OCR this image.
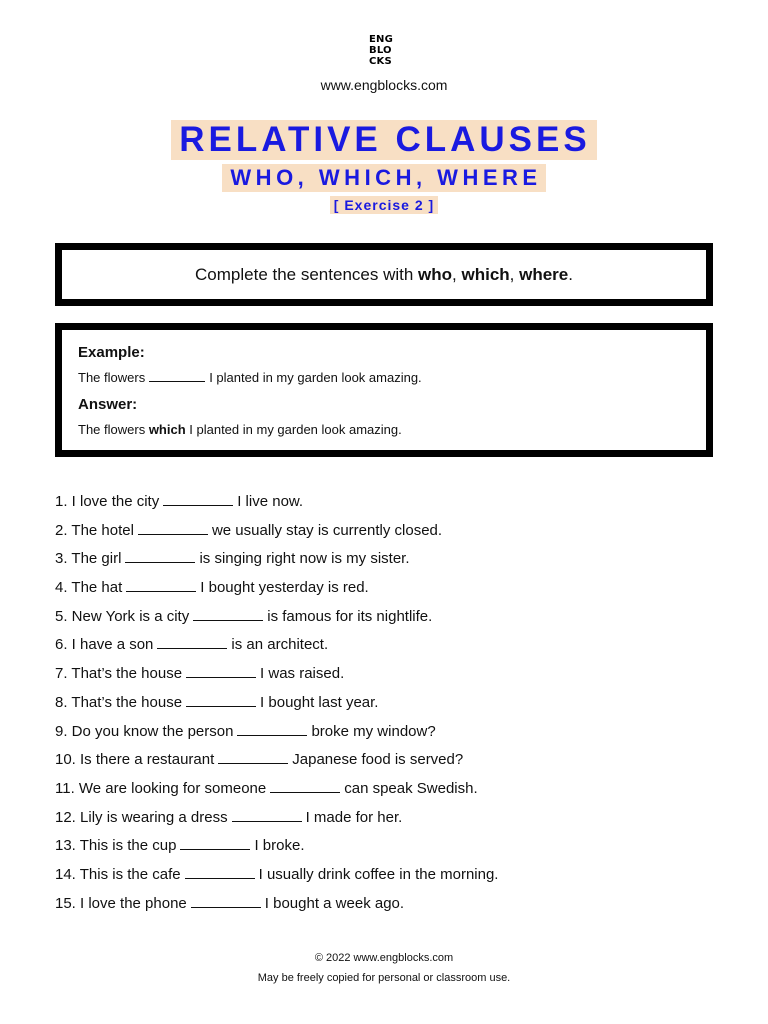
ENG
BLO
CKS
www.engblocks.com
RELATIVE CLAUSES
WHO, WHICH, WHERE
[ Exercise 2 ]
Complete the sentences with who, which, where.
Example:
The flowers	I planted in my garden look amazing.
Answer:
The flowers which I planted in my garden look amazing.
1. I love the city	I live now.
2. The hotel	we usually stay is currently closed.
3. The girl	is singing right now is my sister.
4. The hat	I bought yesterday is red.
5. New York is a city	is famous for its nightlife.
6. I have a son	is an architect.
7. That’s the house	I was raised.
8. That’s the house	I bought last year.
9. Do you know the person	broke my window?
10. Is there a restaurant	Japanese food is served?
11. We are looking for someone	can speak Swedish.
12. Lily is wearing a dress	I made for her.
13. This is the cup	I broke.
14. This is the cafe	I usually drink coffee in the morning.
15. I love the phone	I bought a week ago.
© 2022 www.engblocks.com
May be freely copied for personal or classroom use.
